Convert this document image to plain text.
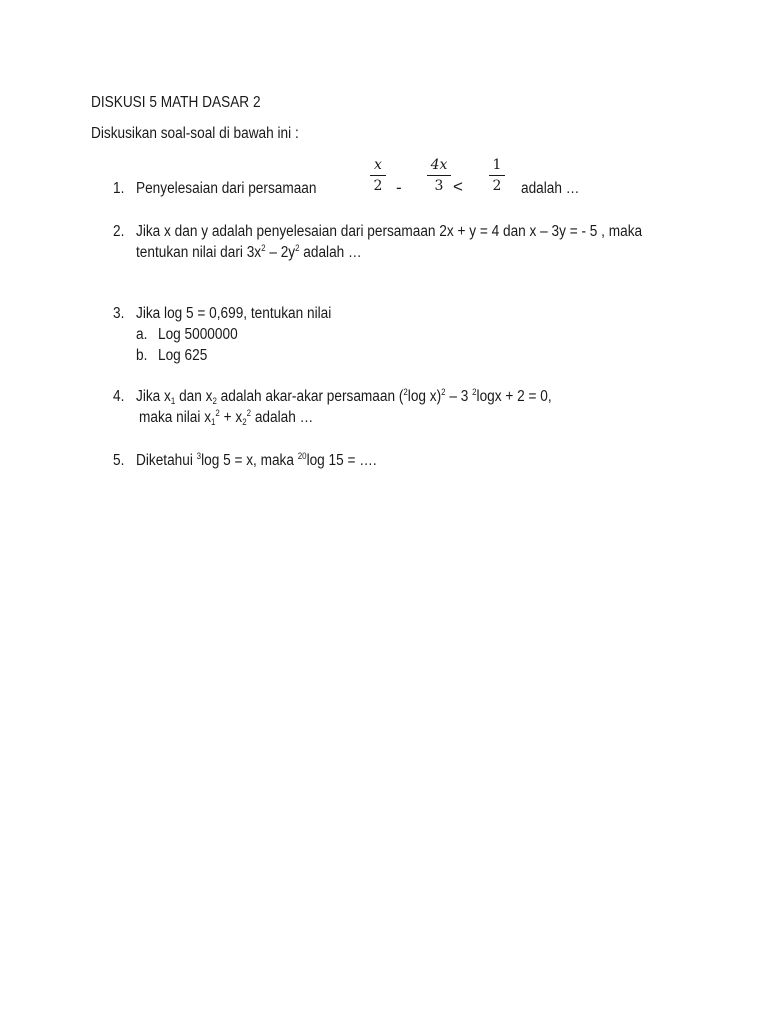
DISKUSI 5 MATH DASAR 2
Diskusikan soal-soal di bawah ini :
1. Penyelesaian dari persamaan
x
2 -
4x
3 <
1
2 adalah …
2. Jika x dan y adalah penyelesaian dari persamaan 2x + y = 4 dan x – 3y = - 5 , maka
tentukan nilai dari $3x^2 - 2y^2$ adalah …
3. Jika log 5 = 0,699, tentukan nilai
a. Log 5000000
b. Log 625
4. Jika $x_1$ dan $x_2$ adalah akar-akar persamaan ($^2$log x)$^2$ – 3 $^2$logx + 2 = 0,
maka nilai $x_1^2 + x_2^2$ adalah …
5. Diketahui $^3$log 5 = x, maka $^{20}$log 15 = ….
